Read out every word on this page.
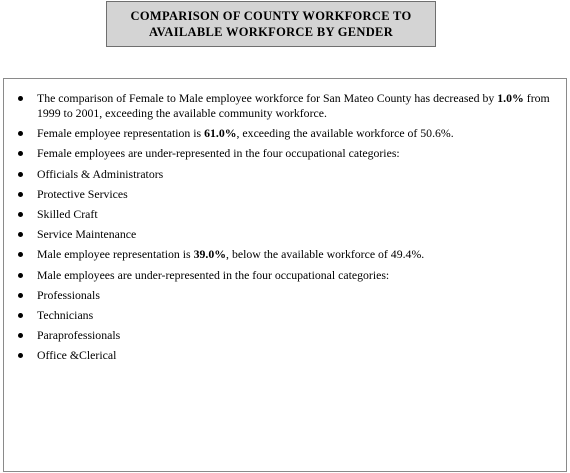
COMPARISON OF COUNTY WORKFORCE TO
AVAILABLE WORKFORCE BY GENDER
The comparison of Female to Male employee workforce for San Mateo County has decreased by 1.0% from 1999 to 2001, exceeding the available community workforce.
Female employee representation is 61.0%, exceeding the available workforce of 50.6%.
Female employees are under-represented in the four occupational categories:
Officials & Administrators
Protective Services
Skilled Craft
Service Maintenance
Male employee representation is 39.0%, below the available workforce of 49.4%.
Male employees are under-represented in the four occupational categories:
Professionals
Technicians
Paraprofessionals
Office &Clerical
